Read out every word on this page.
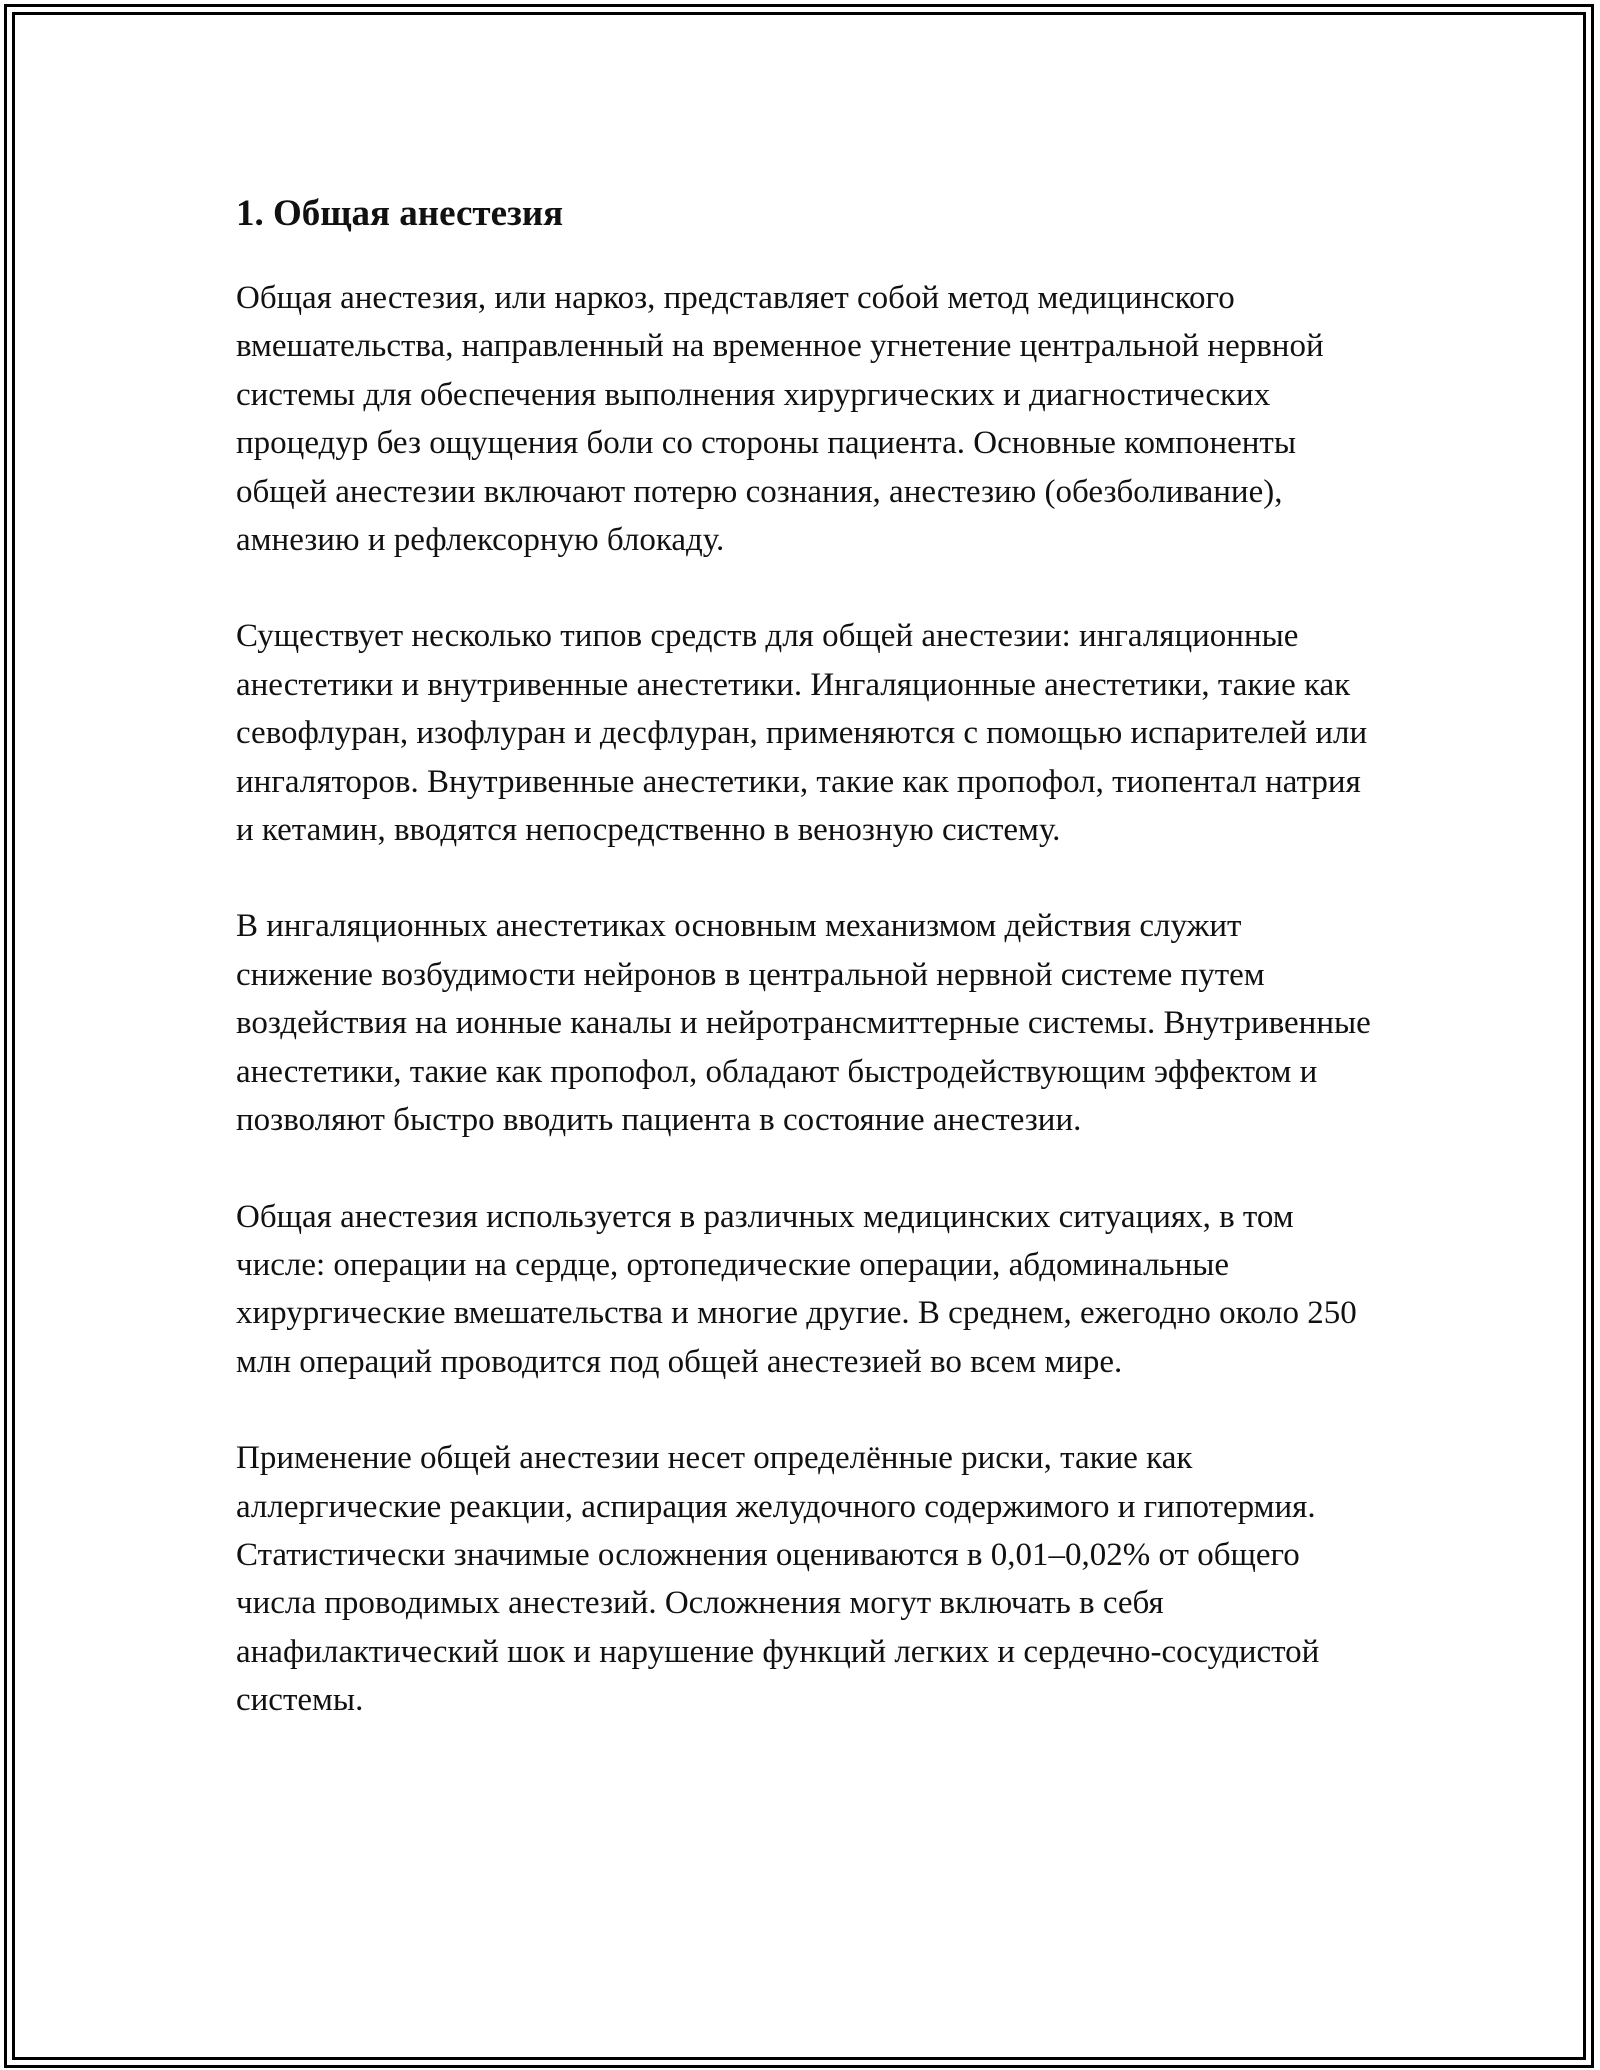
1. Общая анестезия

Общая анестезия, или наркоз, представляет собой метод медицинского вмешательства, направленный на временное угнетение центральной нервной системы для обеспечения выполнения хирургических и диагностических процедур без ощущения боли со стороны пациента. Основные компоненты общей анестезии включают потерю сознания, анестезию (обезболивание), амнезию и рефлексорную блокаду.

Существует несколько типов средств для общей анестезии: ингаляционные анестетики и внутривенные анестетики. Ингаляционные анестетики, такие как севофлуран, изофлуран и десфлуран, применяются с помощью испарителей или ингаляторов. Внутривенные анестетики, такие как пропофол, тиопентал натрия и кетамин, вводятся непосредственно в венозную систему.

В ингаляционных анестетиках основным механизмом действия служит снижение возбудимости нейронов в центральной нервной системе путем воздействия на ионные каналы и нейротрансмиттерные системы. Внутривенные анестетики, такие как пропофол, обладают быстродействующим эффектом и позволяют быстро вводить пациента в состояние анестезии.

Общая анестезия используется в различных медицинских ситуациях, в том числе: операции на сердце, ортопедические операции, абдоминальные хирургические вмешательства и многие другие. В среднем, ежегодно около 250 млн операций проводится под общей анестезией во всем мире.

Применение общей анестезии несет определённые риски, такие как аллергические реакции, аспирация желудочного содержимого и гипотермия. Статистически значимые осложнения оцениваются в 0,01–0,02% от общего числа проводимых анестезий. Осложнения могут включать в себя анафилактический шок и нарушение функций легких и сердечно-сосудистой системы.
